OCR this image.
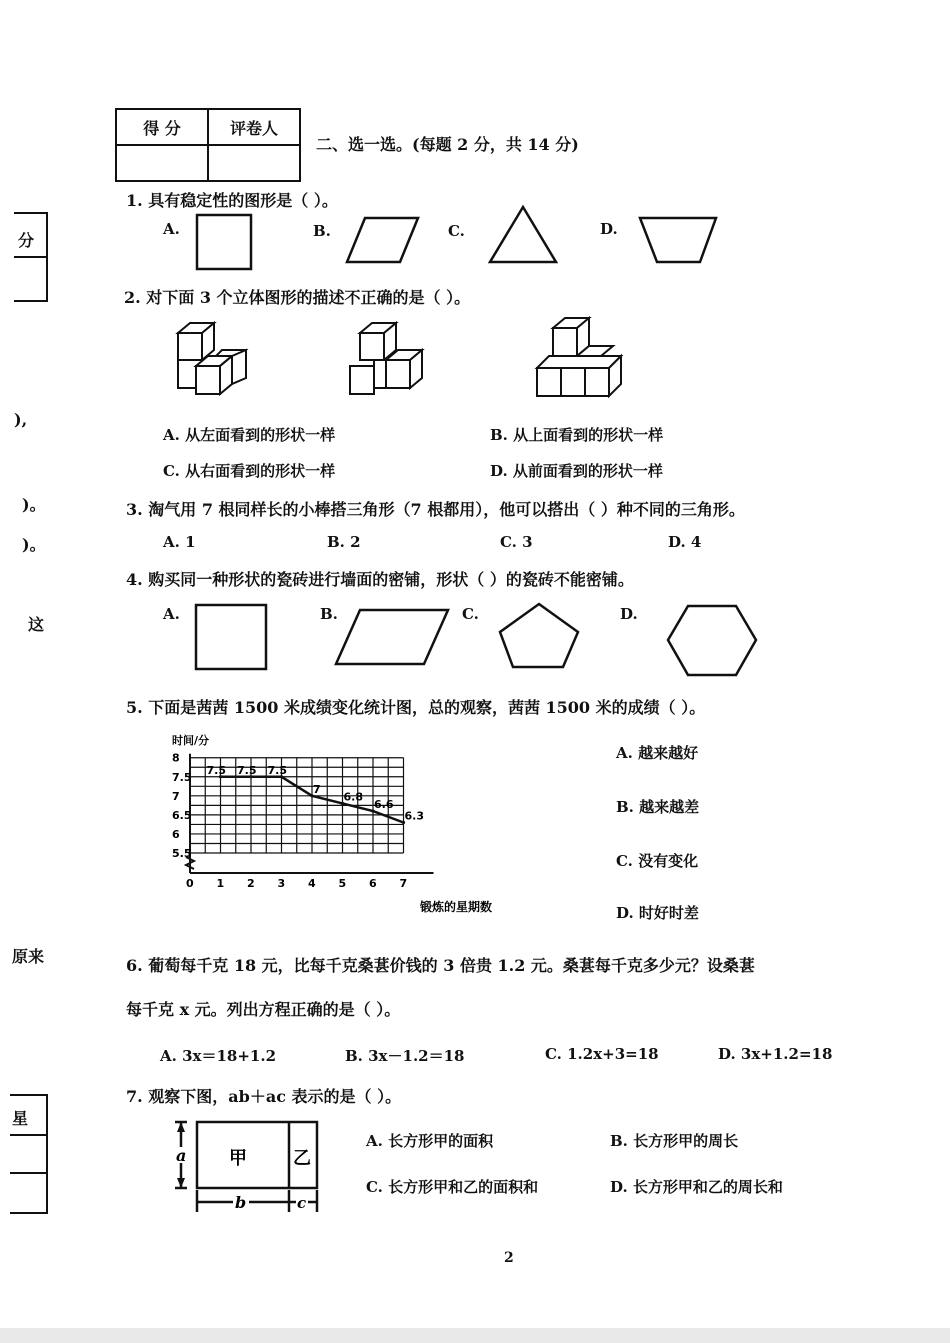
得 分	评卷人

二、选一选。(每题 2 分，共 14 分)
分
),
)。
)。
这
原来
星
1. 具有稳定性的图形是（ ）。
A.	B.	C.	D.
2. 对下面 3 个立体图形的描述不正确的是（ ）。
A. 从左面看到的形状一样	B. 从上面看到的形状一样
C. 从右面看到的形状一样	D. 从前面看到的形状一样
3. 淘气用 7 根同样长的小棒搭三角形（7 根都用），他可以搭出（ ）种不同的三角形。
A. 1	B. 2	C. 3	D. 4
4. 购买同一种形状的瓷砖进行墙面的密铺，形状（ ）的瓷砖不能密铺。
A.	B.	C.	D.
5. 下面是茜茜 1500 米成绩变化统计图，总的观察，茜茜 1500 米的成绩（ ）。
5.5
6
6.5
7
7.5
8
0 1 2 3 4 5 6 7
7.5 7.5 7.5
7
6.8
6.6
6.3
时间/分
锻炼的星期数
A. 越来越好
B. 越来越差
C. 没有变化
D. 时好时差
6. 葡萄每千克 18 元，比每千克桑葚价钱的 3 倍贵 1.2 元。桑葚每千克多少元？设桑葚
每千克 x 元。列出方程正确的是（ ）。
A. 3x＝18+1.2	B. 3x－1.2＝18	C. 1.2x+3=18	D. 3x+1.2=18
7. 观察下图，ab＋ac 表示的是（ ）。
a 甲	乙
b	c
A. 长方形甲的面积	B. 长方形甲的周长
C. 长方形甲和乙的面积和	D. 长方形甲和乙的周长和
2
